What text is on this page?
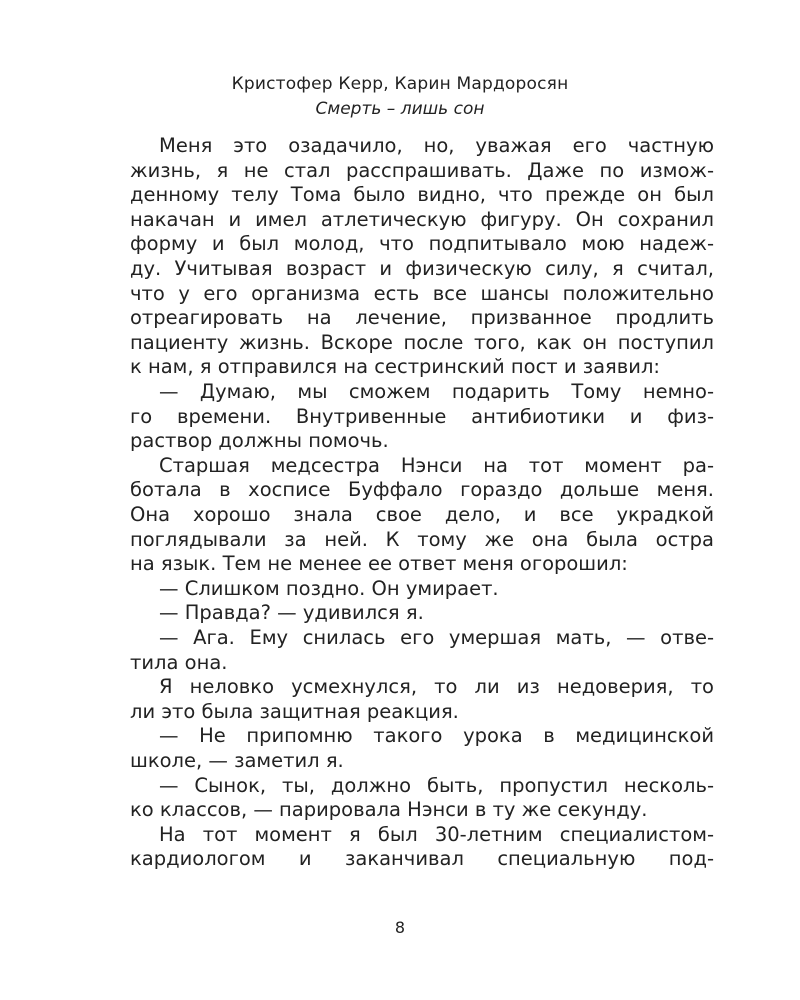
Кристофер Керр, Карин Мардоросян
Смерть – лишь сон
Меня это озадачило, но, уважая его частную
жизнь, я не стал расспрашивать. Даже по измож-
денному телу Тома было видно, что прежде он был
накачан и имел атлетическую фигуру. Он сохранил
форму и был молод, что подпитывало мою надеж-
ду. Учитывая возраст и физическую силу, я считал,
что у его организма есть все шансы положительно
отреагировать на лечение, призванное продлить
пациенту жизнь. Вскоре после того, как он поступил
к нам, я отправился на сестринский пост и заявил:
— Думаю, мы сможем подарить Тому немно-
го времени. Внутривенные антибиотики и физ-
раствор должны помочь.
Старшая медсестра Нэнси на тот момент ра-
ботала в хосписе Буффало гораздо дольше меня.
Она хорошо знала свое дело, и все украдкой
поглядывали за ней. К тому же она была остра
на язык. Тем не менее ее ответ меня огорошил:
— Слишком поздно. Он умирает.
— Правда? — удивился я.
— Ага. Ему снилась его умершая мать, — отве-
тила она.
Я неловко усмехнулся, то ли из недоверия, то
ли это была защитная реакция.
— Не припомню такого урока в медицинской
школе, — заметил я.
— Сынок, ты, должно быть, пропустил несколь-
ко классов, — парировала Нэнси в ту же секунду.
На тот момент я был 30-летним специалистом-
кардиологом и заканчивал специальную под-
8
